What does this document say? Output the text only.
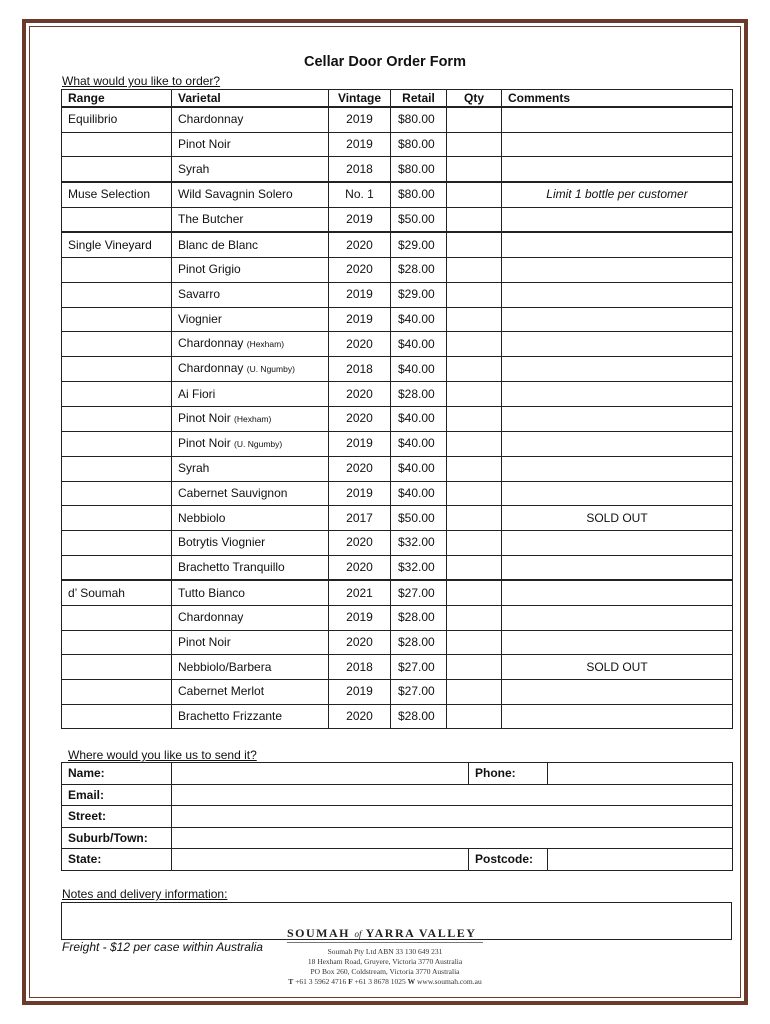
Cellar Door Order Form
What would you like to order?
Range	Varietal	Vintage	Retail	Qty	Comments
Equilibrio	Chardonnay	2019	$80.00		
	Pinot Noir	2019	$80.00		
	Syrah	2018	$80.00		
Muse Selection	Wild Savagnin Solero	No. 1	$80.00		Limit 1 bottle per customer
	The Butcher	2019	$50.00		
Single Vineyard	Blanc de Blanc	2020	$29.00		
	Pinot Grigio	2020	$28.00		
	Savarro	2019	$29.00		
	Viognier	2019	$40.00		
	Chardonnay (Hexham)	2020	$40.00		
	Chardonnay (U. Ngumby)	2018	$40.00		
	Ai Fiori	2020	$28.00		
	Pinot Noir (Hexham)	2020	$40.00		
	Pinot Noir (U. Ngumby)	2019	$40.00		
	Syrah	2020	$40.00		
	Cabernet Sauvignon	2019	$40.00		
	Nebbiolo	2017	$50.00		SOLD OUT
	Botrytis Viognier	2020	$32.00		
	Brachetto Tranquillo	2020	$32.00		
d’ Soumah	Tutto Bianco	2021	$27.00		
	Chardonnay	2019	$28.00		
	Pinot Noir	2020	$28.00		
	Nebbiolo/Barbera	2018	$27.00		SOLD OUT
	Cabernet Merlot	2019	$27.00		
	Brachetto Frizzante	2020	$28.00		
Where would you like us to send it?
Name:		Phone:	
Email:			
Street:			
Suburb/Town:			
State:		Postcode:	
Notes and delivery information:
SOUMAH of YARRA VALLEY
Freight - $12 per case within Australia	Soumah Pty Ltd ABN 33 130 649 231
18 Hexham Road, Gruyere, Victoria 3770 Australia
PO Box 260, Coldstream, Victoria 3770 Australia
T +61 3 5962 4716 F +61 3 8678 1025 W www.soumah.com.au
